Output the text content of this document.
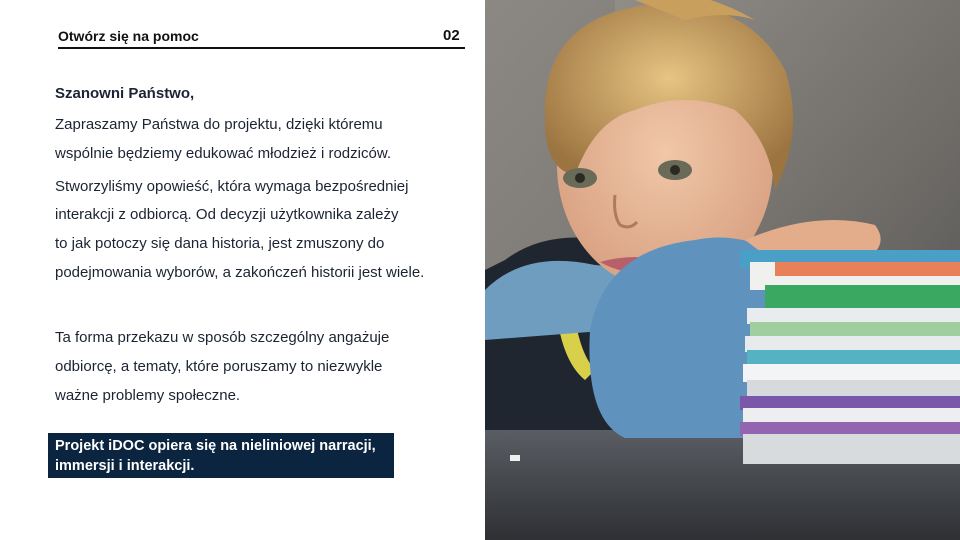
Otwórz się na pomoc	02
Szanowni Państwo,
Zapraszamy Państwa do projektu, dzięki któremu
wspólnie będziemy edukować młodzież i rodziców.
Stworzyliśmy opowieść, która wymaga bezpośredniej
interakcji z odbiorcą. Od decyzji użytkownika zależy
to jak potoczy się dana historia, jest zmuszony do
podejmowania wyborów, a zakończeń historii jest wiele.
Ta forma przekazu w sposób szczególny angażuje
odbiorcę, a tematy, które poruszamy to niezwykle
ważne problemy społeczne.
Projekt iDOC opiera się na nieliniowej narracji,
immersji i interakcji.
